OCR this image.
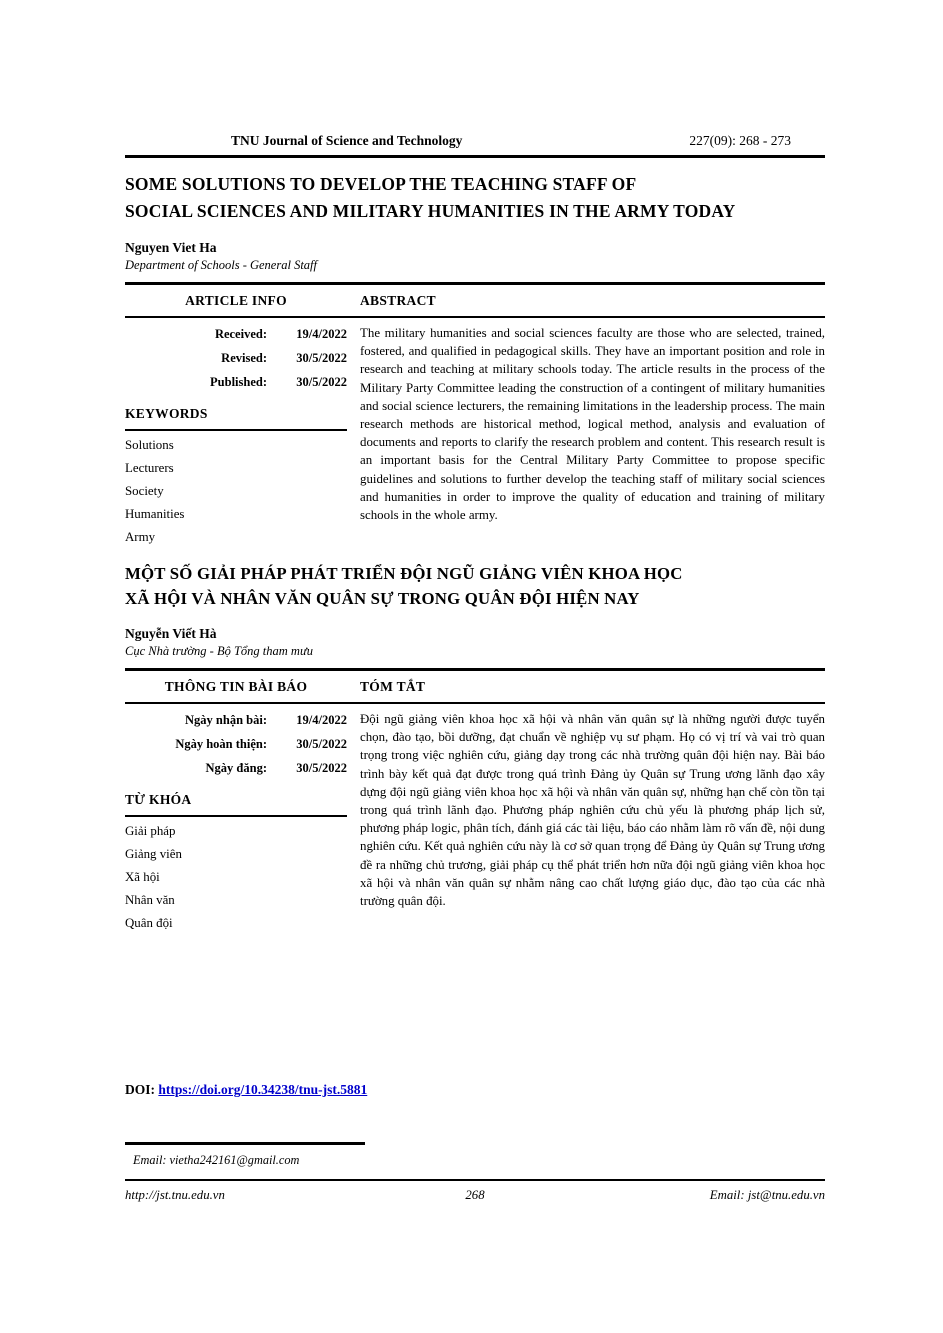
TNU Journal of Science and Technology	227(09): 268 - 273
SOME SOLUTIONS TO DEVELOP THE TEACHING STAFF OF
SOCIAL SCIENCES AND MILITARY HUMANITIES IN THE ARMY TODAY
Nguyen Viet Ha
Department of Schools - General Staff
ARTICLE INFO	ABSTRACT
Received:	19/4/2022
Revised:	30/5/2022
Published:	30/5/2022
KEYWORDS
Solutions
Lecturers
Society
Humanities
Army

The military humanities and social sciences faculty are those who are selected, trained, fostered, and qualified in pedagogical skills. They have an important position and role in research and teaching at military schools today. The article results in the process of the Military Party Committee leading the construction of a contingent of military humanities and social science lecturers, the remaining limitations in the leadership process. The main research methods are historical method, logical method, analysis and evaluation of documents and reports to clarify the research problem and content. This research result is an important basis for the Central Military Party Committee to propose specific guidelines and solutions to further develop the teaching staff of military social sciences and humanities in order to improve the quality of education and training of military schools in the whole army.

MỘT SỐ GIẢI PHÁP PHÁT TRIỂN ĐỘI NGŨ GIẢNG VIÊN KHOA HỌC
XÃ HỘI VÀ NHÂN VĂN QUÂN SỰ TRONG QUÂN ĐỘI HIỆN NAY
Nguyễn Viết Hà
Cục Nhà trường - Bộ Tổng tham mưu
THÔNG TIN BÀI BÁO	TÓM TẮT
Ngày nhận bài:	19/4/2022
Ngày hoàn thiện:	30/5/2022
Ngày đăng:	30/5/2022
TỪ KHÓA
Giải pháp
Giảng viên
Xã hội
Nhân văn
Quân đội

Đội ngũ giảng viên khoa học xã hội và nhân văn quân sự là những người được tuyển chọn, đào tạo, bồi dưỡng, đạt chuẩn về nghiệp vụ sư phạm. Họ có vị trí và vai trò quan trọng trong việc nghiên cứu, giảng dạy trong các nhà trường quân đội hiện nay. Bài báo trình bày kết quả đạt được trong quá trình Đảng ủy Quân sự Trung ương lãnh đạo xây dựng đội ngũ giảng viên khoa học xã hội và nhân văn quân sự, những hạn chế còn tồn tại trong quá trình lãnh đạo. Phương pháp nghiên cứu chủ yếu là phương pháp lịch sử, phương pháp logic, phân tích, đánh giá các tài liệu, báo cáo nhằm làm rõ vấn đề, nội dung nghiên cứu. Kết quả nghiên cứu này là cơ sở quan trọng để Đảng ủy Quân sự Trung ương đề ra những chủ trương, giải pháp cụ thể phát triển hơn nữa đội ngũ giảng viên khoa học xã hội và nhân văn quân sự nhằm nâng cao chất lượng giáo dục, đào tạo của các nhà trường quân đội.

DOI: https://doi.org/10.34238/tnu-jst.5881
Email: vietha242161@gmail.com
http://jst.tnu.edu.vn	268	Email: jst@tnu.edu.vn
